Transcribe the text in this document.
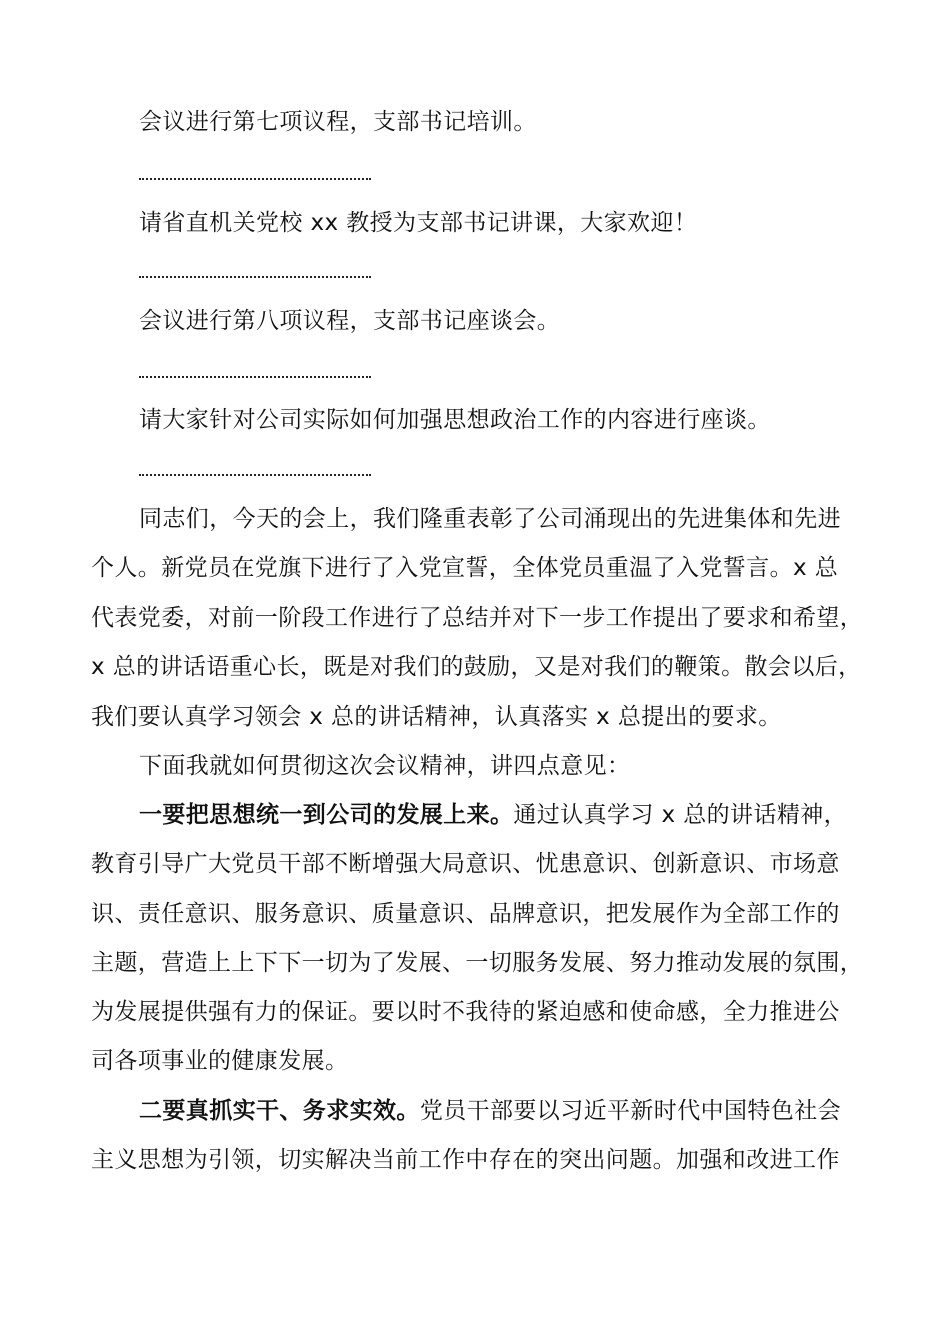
会议进行第七项议程，支部书记培训。
请省直机关党校 xx 教授为支部书记讲课，大家欢迎！
会议进行第八项议程，支部书记座谈会。
请大家针对公司实际如何加强思想政治工作的内容进行座谈。
同志们，今天的会上，我们隆重表彰了公司涌现出的先进集体和先进
个人。新党员在党旗下进行了入党宣誓，全体党员重温了入党誓言。x 总
代表党委，对前一阶段工作进行了总结并对下一步工作提出了要求和希望，
x 总的讲话语重心长，既是对我们的鼓励，又是对我们的鞭策。散会以后，
我们要认真学习领会 x 总的讲话精神，认真落实 x 总提出的要求。
下面我就如何贯彻这次会议精神，讲四点意见：
一要把思想统一到公司的发展上来。通过认真学习 x 总的讲话精神，
教育引导广大党员干部不断增强大局意识、忧患意识、创新意识、市场意
识、责任意识、服务意识、质量意识、品牌意识，把发展作为全部工作的
主题，营造上上下下一切为了发展、一切服务发展、努力推动发展的氛围，
为发展提供强有力的保证。要以时不我待的紧迫感和使命感，全力推进公
司各项事业的健康发展。
二要真抓实干、务求实效。党员干部要以习近平新时代中国特色社会
主义思想为引领，切实解决当前工作中存在的突出问题。加强和改进工作
